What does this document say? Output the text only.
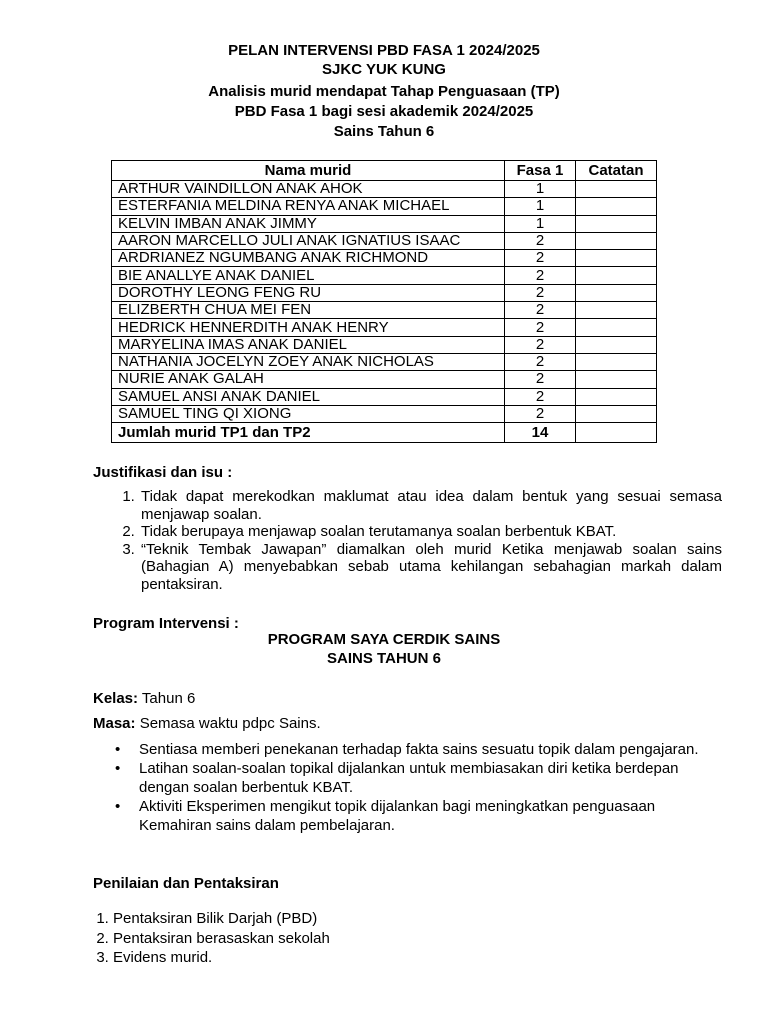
PELAN INTERVENSI PBD FASA 1 2024/2025
SJKC YUK KUNG
Analisis murid mendapat Tahap Penguasaan (TP)
PBD Fasa 1 bagi sesi akademik 2024/2025
Sains Tahun 6
Nama murid	Fasa 1	Catatan
ARTHUR VAINDILLON ANAK AHOK	1	
ESTERFANIA MELDINA RENYA ANAK MICHAEL	1	
KELVIN IMBAN ANAK JIMMY	1	
AARON MARCELLO JULI ANAK IGNATIUS ISAAC	2	
ARDRIANEZ NGUMBANG ANAK RICHMOND	2	
BIE ANALLYE ANAK DANIEL	2	
DOROTHY LEONG FENG RU	2	
ELIZBERTH CHUA MEI FEN	2	
HEDRICK HENNERDITH ANAK HENRY	2	
MARYELINA IMAS ANAK DANIEL	2	
NATHANIA JOCELYN ZOEY ANAK NICHOLAS	2	
NURIE ANAK GALAH	2	
SAMUEL ANSI ANAK DANIEL	2	
SAMUEL TING QI XIONG	2	
Jumlah murid TP1 dan TP2	14	
Justifikasi dan isu :
1. Tidak dapat merekodkan maklumat atau idea dalam bentuk yang sesuai semasa menjawap soalan.
2. Tidak berupaya menjawap soalan terutamanya soalan berbentuk KBAT.
3. “Teknik Tembak Jawapan” diamalkan oleh murid Ketika menjawab soalan sains (Bahagian A) menyebabkan sebab utama kehilangan sebahagian markah dalam pentaksiran.
Program Intervensi :
PROGRAM SAYA CERDIK SAINS
SAINS TAHUN 6
Kelas: Tahun 6
Masa: Semasa waktu pdpc Sains.
• Sentiasa memberi penekanan terhadap fakta sains sesuatu topik dalam pengajaran.
• Latihan soalan-soalan topikal dijalankan untuk membiasakan diri ketika berdepan dengan soalan berbentuk KBAT.
• Aktiviti Eksperimen mengikut topik dijalankan bagi meningkatkan penguasaan Kemahiran sains dalam pembelajaran.
Penilaian dan Pentaksiran
1. Pentaksiran Bilik Darjah (PBD)
2. Pentaksiran berasaskan sekolah
3. Evidens murid.
